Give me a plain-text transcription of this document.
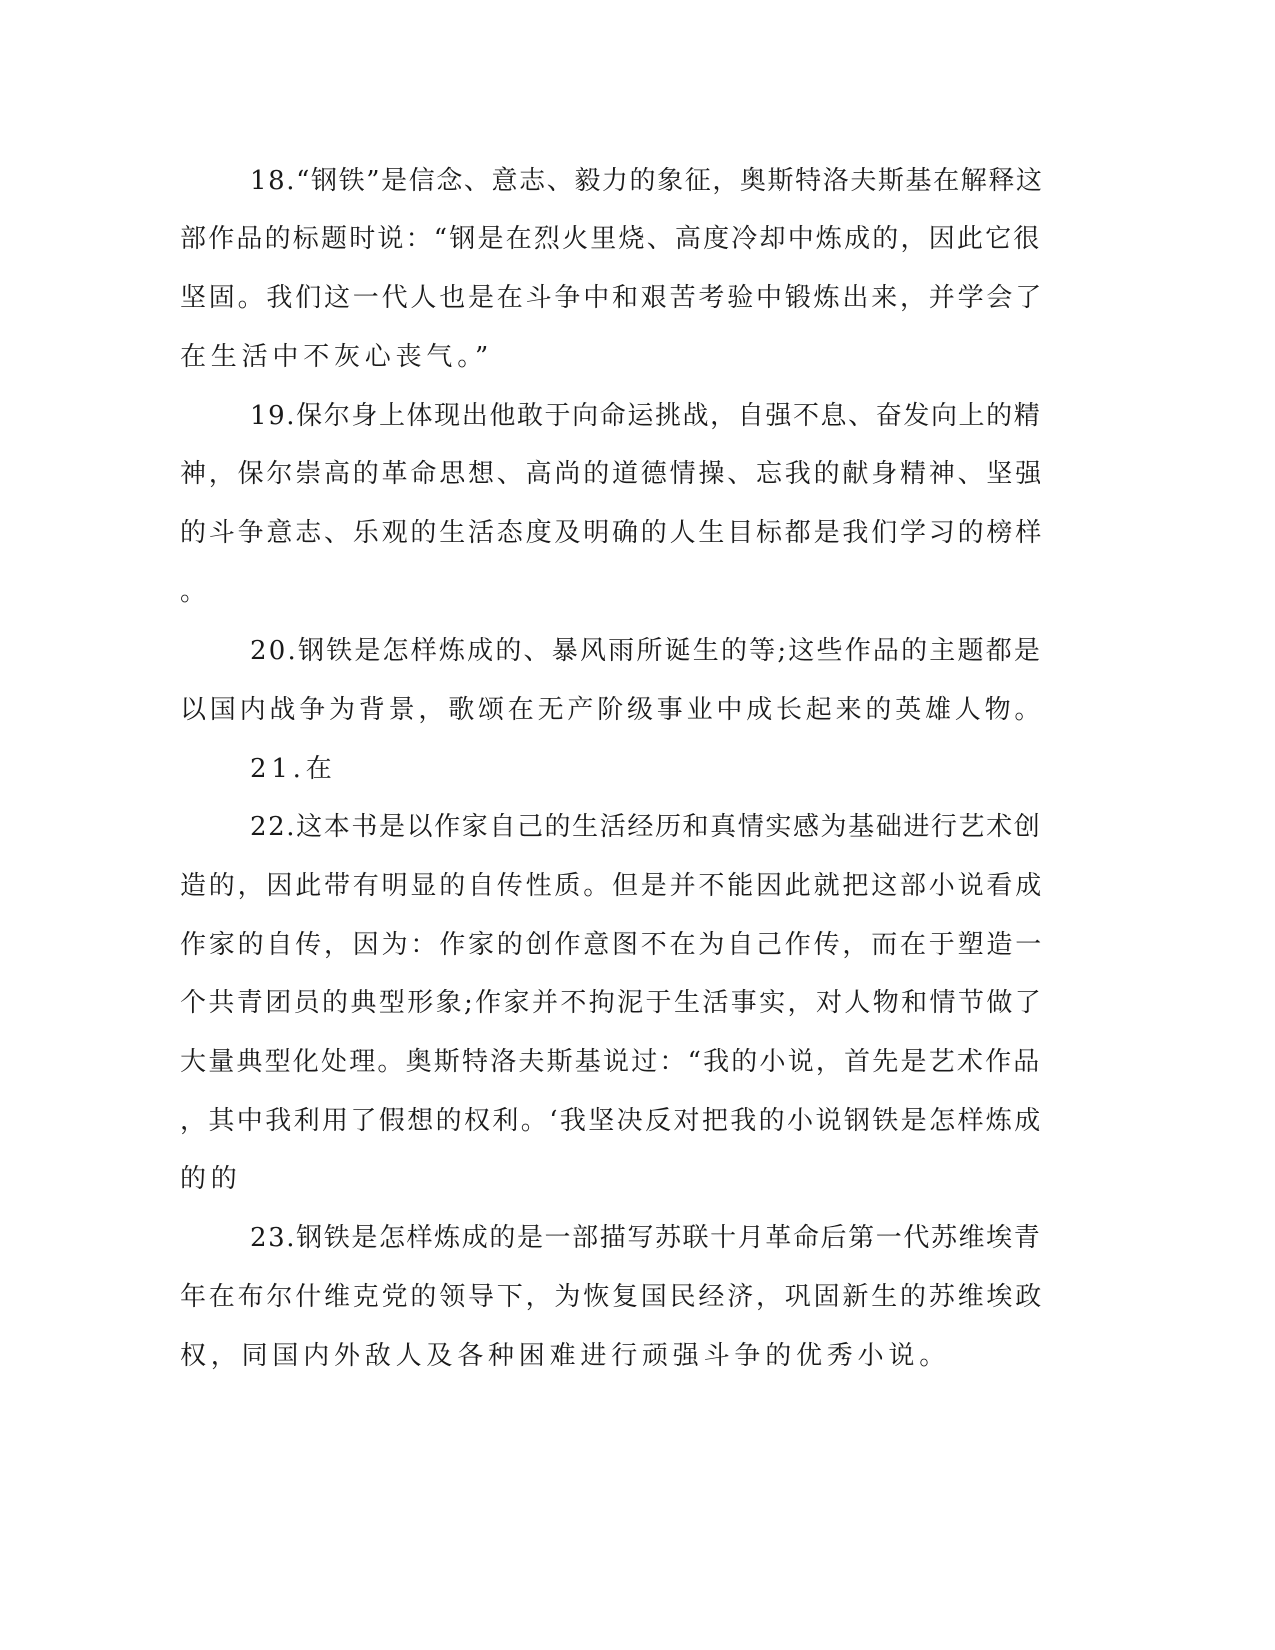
18.“钢铁”是信念、意志、毅力的象征，奥斯特洛夫斯基在解释这
部作品的标题时说：“钢是在烈火里烧、高度冷却中炼成的，因此它很
坚固。我们这一代人也是在斗争中和艰苦考验中锻炼出来，并学会了
在生活中不灰心丧气。”
19.保尔身上体现出他敢于向命运挑战，自强不息、奋发向上的精
神，保尔崇高的革命思想、高尚的道德情操、忘我的献身精神、坚强
的斗争意志、乐观的生活态度及明确的人生目标都是我们学习的榜样
。
20.钢铁是怎样炼成的、暴风雨所诞生的等;这些作品的主题都是
以国内战争为背景，歌颂在无产阶级事业中成长起来的英雄人物。
21.在
22.这本书是以作家自己的生活经历和真情实感为基础进行艺术创
造的，因此带有明显的自传性质。但是并不能因此就把这部小说看成
作家的自传，因为：作家的创作意图不在为自己作传，而在于塑造一
个共青团员的典型形象;作家并不拘泥于生活事实，对人物和情节做了
大量典型化处理。奥斯特洛夫斯基说过：“我的小说，首先是艺术作品
，其中我利用了假想的权利。‘我坚决反对把我的小说钢铁是怎样炼成
的的
23.钢铁是怎样炼成的是一部描写苏联十月革命后第一代苏维埃青
年在布尔什维克党的领导下，为恢复国民经济，巩固新生的苏维埃政
权，同国内外敌人及各种困难进行顽强斗争的优秀小说。
